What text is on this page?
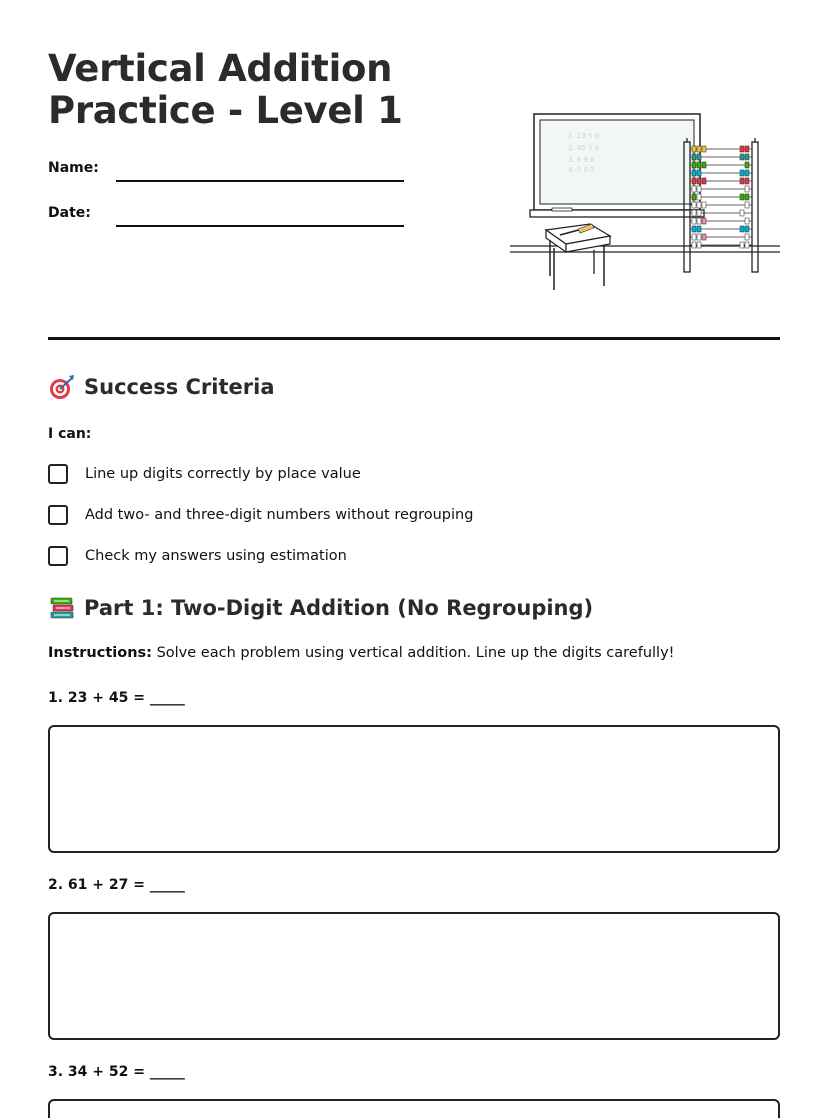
Vertical Addition
Practice - Level 1
Name:
Date:
1. 23 5 6
2. 45 3 4
3. 6 9 8
4. 5 0 2
Success Criteria
I can:
Line up digits correctly by place value
Add two- and three-digit numbers without regrouping
Check my answers using estimation
Part 1: Two-Digit Addition (No Regrouping)
Instructions: Solve each problem using vertical addition. Line up the digits carefully!
1. 23 + 45 = _____
2. 61 + 27 = _____
3. 34 + 52 = _____
